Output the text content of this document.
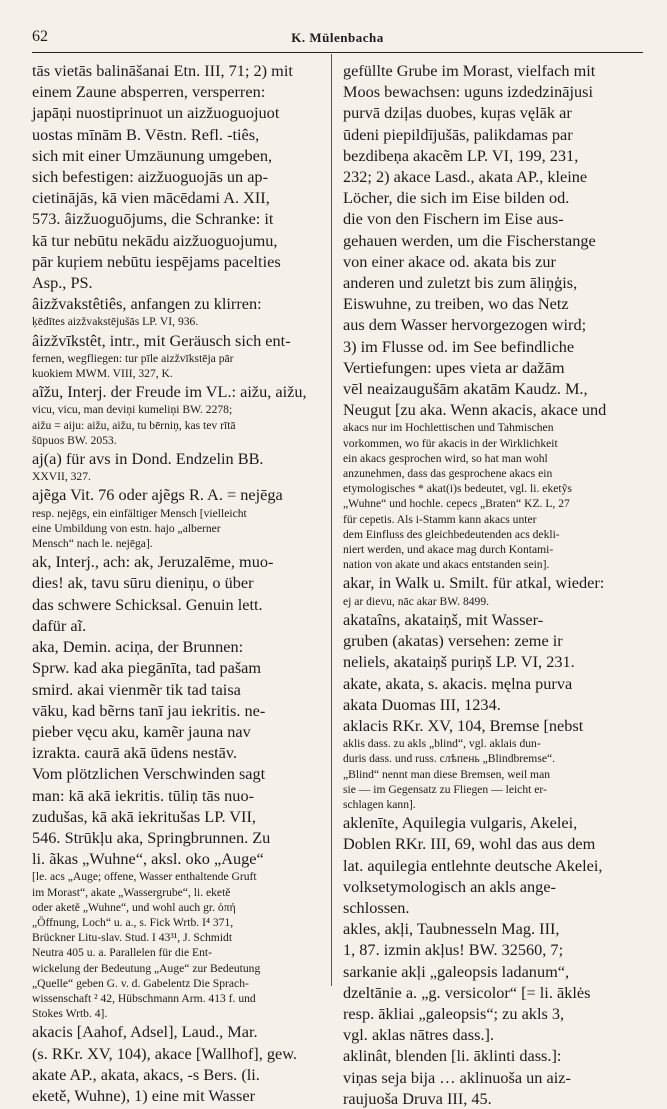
62	K. Mülenbacha
tās vietās balināšanai Etn. III, 71; 2) mit
einem Zaune absperren, versperren:
japāņi nuostiprinuot un aizžuoguojuot
uostas mīnām B. Vēstn. Refl. -tiês,
sich mit einer Umzäunung umgeben,
sich befestigen: aizžuoguojās un ap-
cietinājās, kā vien mācēdami A. XII,
573. âizžuoguōjums, die Schranke: it
kā tur nebūtu nekādu aizžuoguojumu,
pār kuŗiem nebūtu iespējams pacelties
Asp., PS.
âizžvakstêtiês, anfangen zu klirren:
ķēdītes aizžvakstējušās LP. VI, 936.
âizžvīkstêt, intr., mit Geräusch sich ent-
fernen, wegfliegen: tur pīle aizžvīkstēja pār
kuokiem MWM. VIII, 327, K.
aĩžu, Interj. der Freude im VL.: aižu, aižu,
vicu, vicu, man deviņi kumeliņi BW. 2278;
aižu = aiju: aižu, aižu, tu bērniņ, kas tev rītā
šūpuos BW. 2053.
aj(a) für avs in Dond. Endzelin BB.
XXVII, 327.
ajẽga Vit. 76 oder ajẽgs R. A. = nejēga
resp. nejēgs, ein einfältiger Mensch [vielleicht
eine Umbildung von estn. hajo „alberner
Mensch“ nach le. nejēga].
ak, Interj., ach: ak, Jeruzalēme, muo-
dies! ak, tavu sūru dieniņu, o über
das schwere Schicksal. Genuin lett.
dafür aĩ.
aka, Demin. aciņa, der Brunnen:
Sprw. kad aka piegānīta, tad pašam
smird. akai vienmẽr tik tad taisa
vāku, kad bẽrns tanī jau iekritis. ne-
pieber vęcu aku, kamẽr jauna nav
izrakta. caurā akā ūdens nestāv.
Vom plötzlichen Verschwinden sagt
man: kā akā iekritis. tūliņ tās nuo-
zudušas, kā akā iekritušas LP. VII,
546. Strūkļu aka, Springbrunnen. Zu
li. ãkas „Wuhne“, aksl. oko „Auge“
[le. acs „Auge; offene, Wasser enthaltende Gruft
im Morast“, akate „Wassergrube“, li. eketě
oder aketě „Wuhne“, und wohl auch gr. ὀπή
„Öffnung, Loch“ u. a., s. Fick Wrtb. I⁴ 371,
Brückner Litu-slav. Stud. I 43³¹, J. Schmidt
Neutra 405 u. a. Parallelen für die Ent-
wickelung der Bedeutung „Auge“ zur Bedeutung
„Quelle“ geben G. v. d. Gabelentz Die Sprach-
wissenschaft ² 42, Hübschmann Arm. 413 f. und
Stokes Wrtb. 4].
akacis [Aahof, Adsel], Laud., Mar.
(s. RKr. XV, 104), akace [Wallhof], gew.
akate AP., akata, akacs, -s Bers. (li.
eketě, Wuhne), 1) eine mit Wasser
gefüllte Grube im Morast, vielfach mit
Moos bewachsen: uguns izdedzinājusi
purvā dziļas duobes, kuŗas vęlāk ar
ūdeni piepildījušās, palikdamas par
bezdibeņa akacẽm LP. VI, 199, 231,
232; 2) akace Lasd., akata AP., kleine
Löcher, die sich im Eise bilden od.
die von den Fischern im Eise aus-
gehauen werden, um die Fischerstange
von einer akace od. akata bis zur
anderen und zuletzt bis zum āliņģis,
Eiswuhne, zu treiben, wo das Netz
aus dem Wasser hervorgezogen wird;
3) im Flusse od. im See befindliche
Vertiefungen: upes vieta ar dažām
vēl neaizaugušām akatām Kaudz. M.,
Neugut [zu aka. Wenn akacis, akace und
akacs nur im Hochlettischen und Tahmischen
vorkommen, wo für akacis in der Wirklichkeit
ein akacs gesprochen wird, so hat man wohl
anzunehmen, dass das gesprochene akacs ein
etymologisches * akat(i)s bedeutet, vgl. li. eketỹs
„Wuhne“ und hochle. cepecs „Braten“ KZ. L, 27
für cepetis. Als i-Stamm kann akacs unter
dem Einfluss des gleichbedeutenden acs dekli-
niert werden, und akace mag durch Kontami-
nation von akate und akacs entstanden sein].
akar, in Walk u. Smilt. für atkal, wieder:
ej ar dievu, nāc akar BW. 8499.
akataîns, akataiņš, mit Wasser-
gruben (akatas) versehen: zeme ir
neliels, akataiņš puriņš LP. VI, 231.
akate, akata, s. akacis. męlna purva
akata Duomas III, 1234.
aklacis RKr. XV, 104, Bremse [nebst
aklis dass. zu akls „blind“, vgl. aklais dun-
duris dass. und russ. слѣпень „Blindbremse“.
„Blind“ nennt man diese Bremsen, weil man
sie — im Gegensatz zu Fliegen — leicht er-
schlagen kann].
aklenīte, Aquilegia vulgaris, Akelei,
Doblen RKr. III, 69, wohl das aus dem
lat. aquilegia entlehnte deutsche Akelei,
volksetymologisch an akls ange-
schlossen.
akles, akļi, Taubnesseln Mag. III,
1, 87. izmin akļus! BW. 32560, 7;
sarkanie akļi „galeopsis ladanum“,
dzeltānie a. „g. versicolor“ [= li. āklės
resp. ākliai „galeopsis“; zu akls 3,
vgl. aklas nātres dass.].
aklinât, blenden [li. āklinti dass.]:
viņas seja bija … aklinuoša un aiz-
raujuoša Druva III, 45.
